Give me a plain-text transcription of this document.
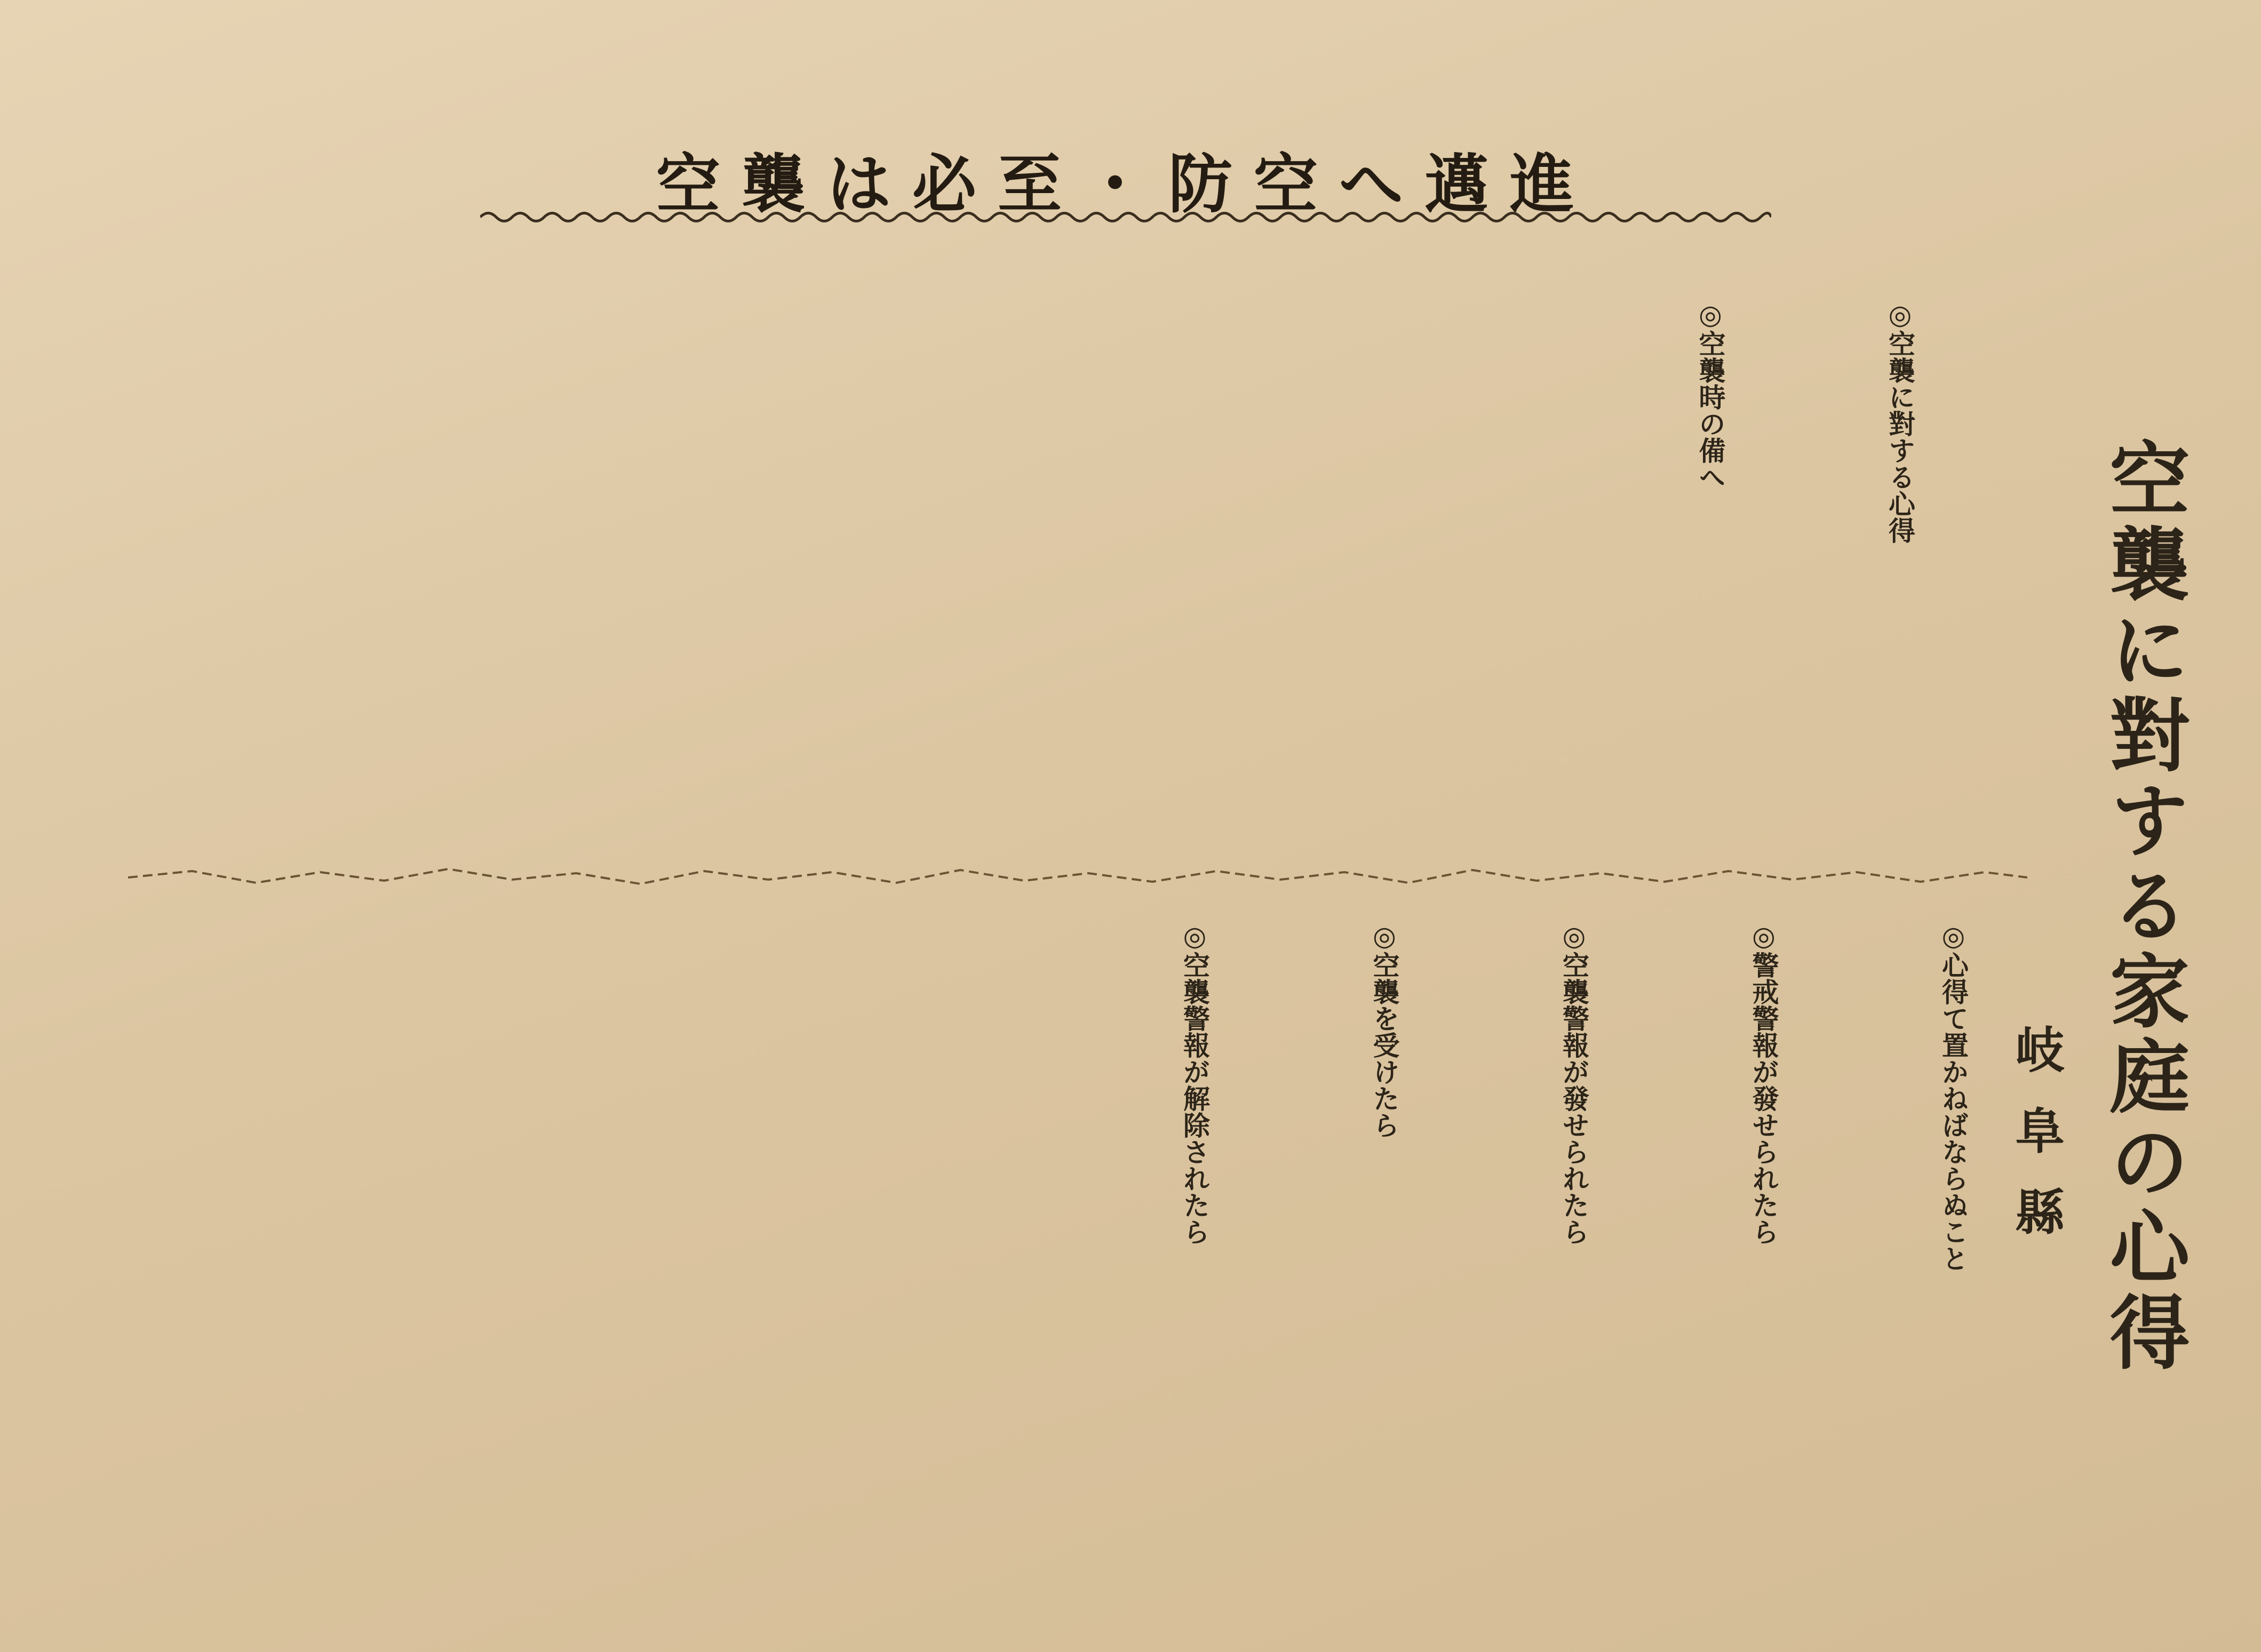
空襲は必至・防空へ邁進
空襲に對する家庭の心得
岐阜縣
◎空襲に對する心得
◎空襲時の備へ
◎心得て置かねばならぬこと
◎警戒警報が發せられたら
◎空襲警報が發せられたら
◎空襲を受けたら
◎空襲警報が解除されたら
